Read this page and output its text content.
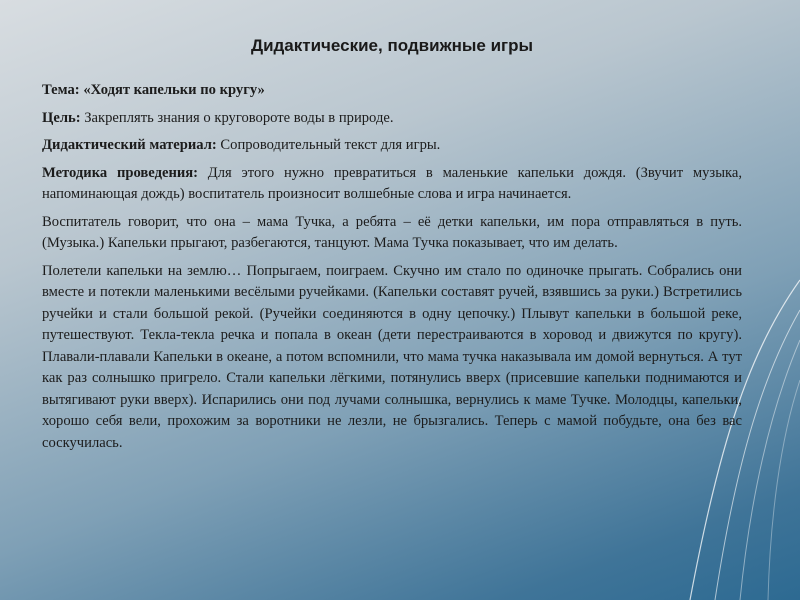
Дидактические, подвижные игры

Тема: «Ходят капельки по кругу»

Цель: Закреплять знания о круговороте воды в природе.

Дидактический материал: Сопроводительный текст для игры.

Методика проведения: Для этого нужно превратиться в маленькие капельки дождя. (Звучит музыка, напоминающая дождь) воспитатель произносит волшебные слова и игра начинается.

Воспитатель говорит, что она – мама Тучка, а ребята – её детки капельки, им пора отправляться в путь. (Музыка.) Капельки прыгают, разбегаются, танцуют. Мама Тучка показывает, что им делать.

Полетели капельки на землю… Попрыгаем, поиграем. Скучно им стало по одиночке прыгать. Собрались они вместе и потекли маленькими весёлыми ручейками. (Капельки составят ручей, взявшись за руки.) Встретились ручейки и стали большой рекой. (Ручейки соединяются в одну цепочку.) Плывут капельки в большой реке, путешествуют. Текла-текла речка и попала в океан (дети перестраиваются в хоровод и движутся по кругу). Плавали-плавали Капельки в океане, а потом вспомнили, что мама тучка наказывала им домой вернуться. А тут как раз солнышко пригрело. Стали капельки лёгкими, потянулись вверх (присевшие капельки поднимаются и вытягивают руки вверх). Испарились они под лучами солнышка, вернулись к маме Тучке. Молодцы, капельки, хорошо себя вели, прохожим за воротники не лезли, не брызгались. Теперь с мамой побудьте, она без вас соскучилась.
